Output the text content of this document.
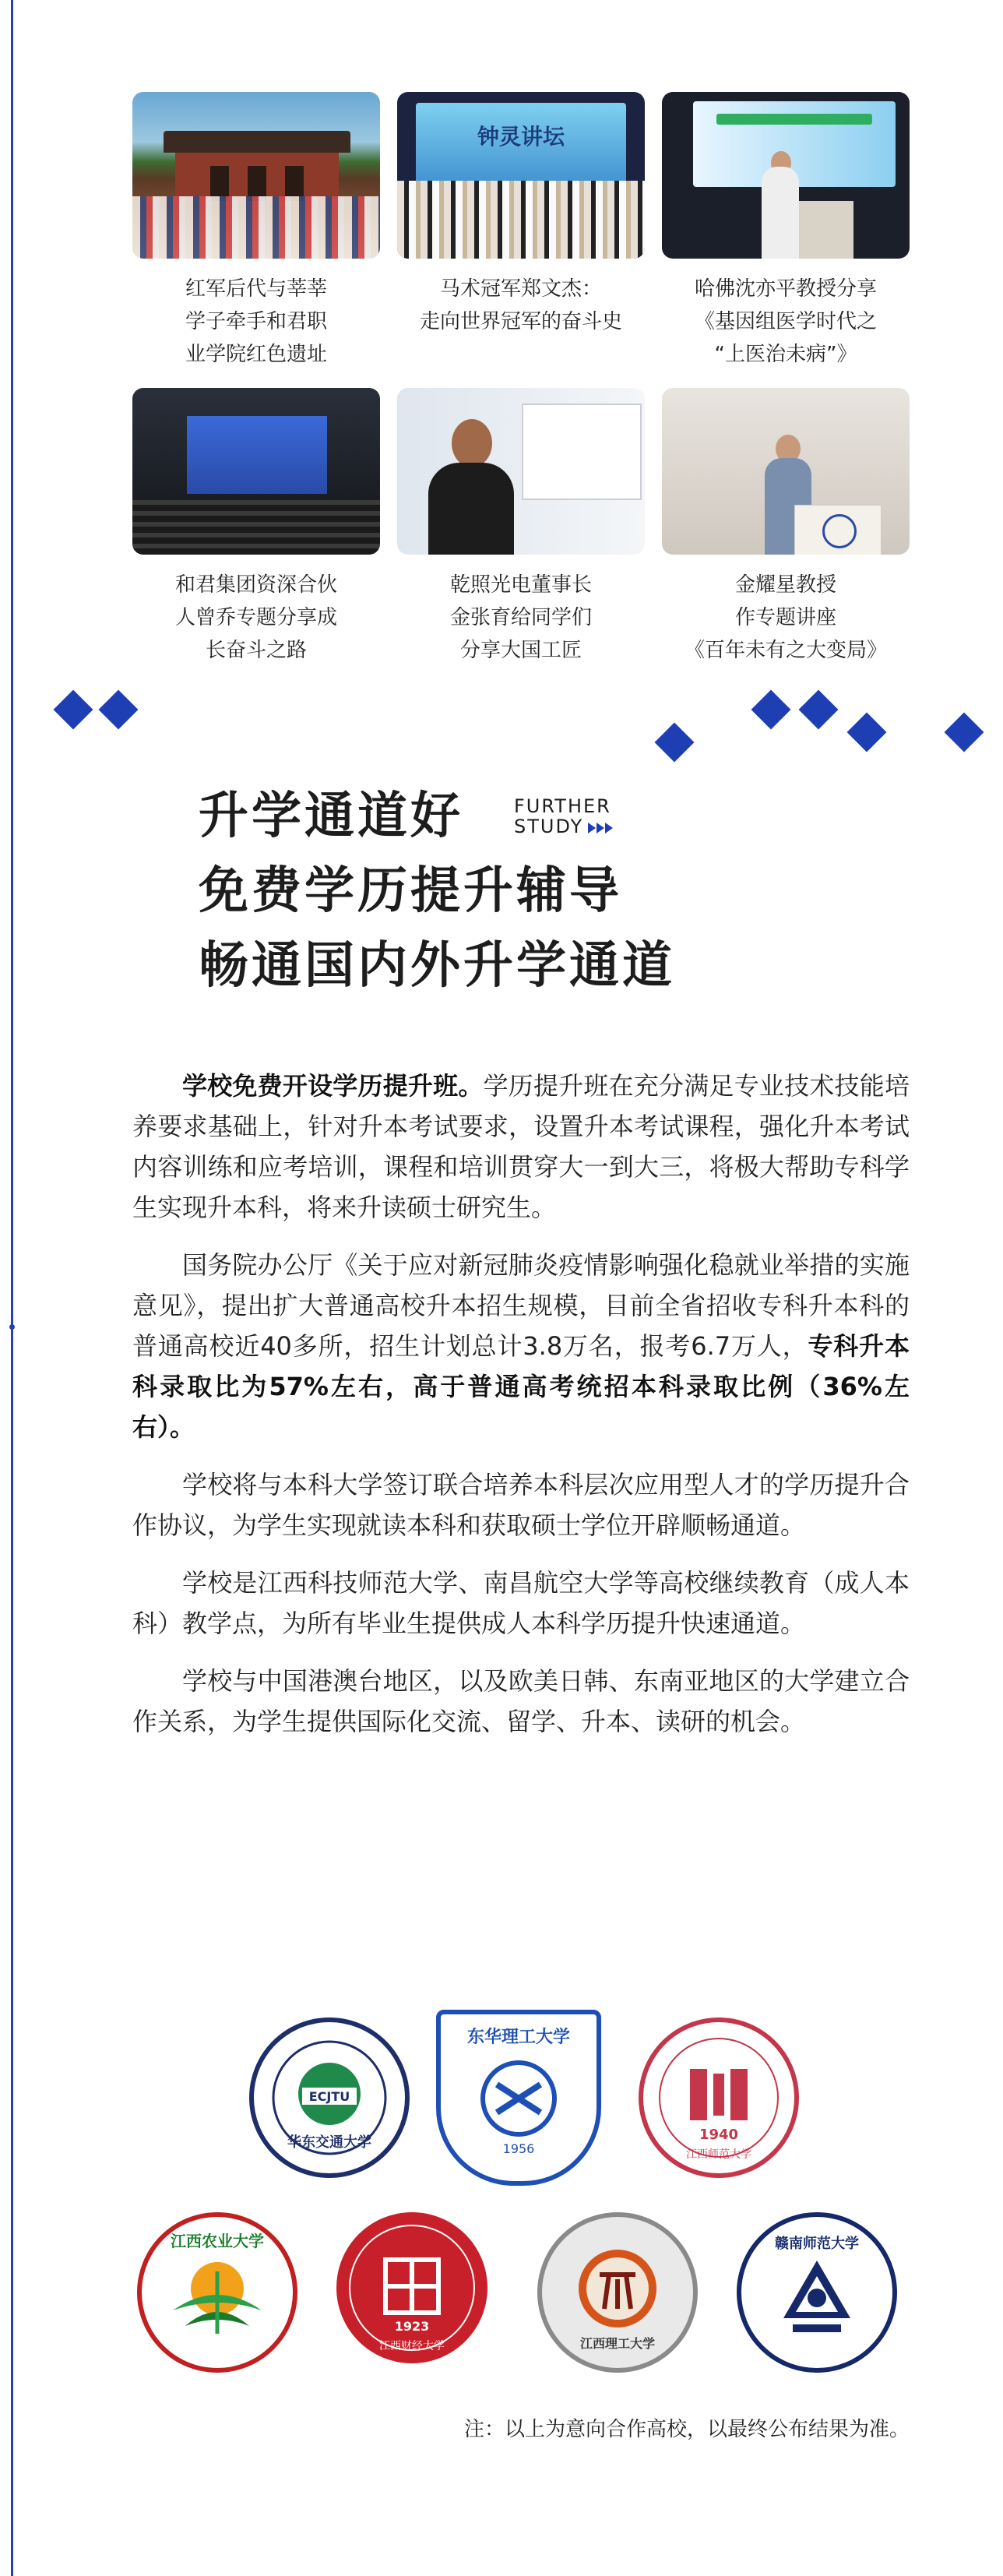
红军后代与莘莘
学子牵手和君职
业学院红色遗址
钟灵讲坛
马术冠军郑文杰：
走向世界冠军的奋斗史
哈佛沈亦平教授分享
《基因组医学时代之
“上医治未病”》
和君集团资深合伙
人曾乔专题分享成
长奋斗之路
乾照光电董事长
金张育给同学们
分享大国工匠
金耀星教授
作专题讲座
《百年未有之大变局》
升学通道好
免费学历提升辅导
畅通国内外升学通道
FURTHER
STUDY

学校免费开设学历提升班。学历提升班在充分满足专业技术技能培养要求基础上，针对升本考试要求，设置升本考试课程，强化升本考试内容训练和应考培训，课程和培训贯穿大一到大三，将极大帮助专科学生实现升本科，将来升读硕士研究生。

国务院办公厅《关于应对新冠肺炎疫情影响强化稳就业举措的实施意见》，提出扩大普通高校升本招生规模，目前全省招收专科升本科的普通高校近40多所，招生计划总计3.8万名，报考6.7万人，专科升本科录取比为57%左右，高于普通高考统招本科录取比例（36%左右）。

学校将与本科大学签订联合培养本科层次应用型人才的学历提升合作协议，为学生实现就读本科和获取硕士学位开辟顺畅通道。

学校是江西科技师范大学、南昌航空大学等高校继续教育（成人本科）教学点，为所有毕业生提供成人本科学历提升快速通道。

学校与中国港澳台地区，以及欧美日韩、东南亚地区的大学建立合作关系，为学生提供国际化交流、留学、升本、读研的机会。

ECJTU
华东交通大学
东华理工大学
1956
1940
江西师范大学
江西农业大学
1923
江西财经大学	江西理工大学
赣南师范大学
注：以上为意向合作高校，以最终公布结果为准。
